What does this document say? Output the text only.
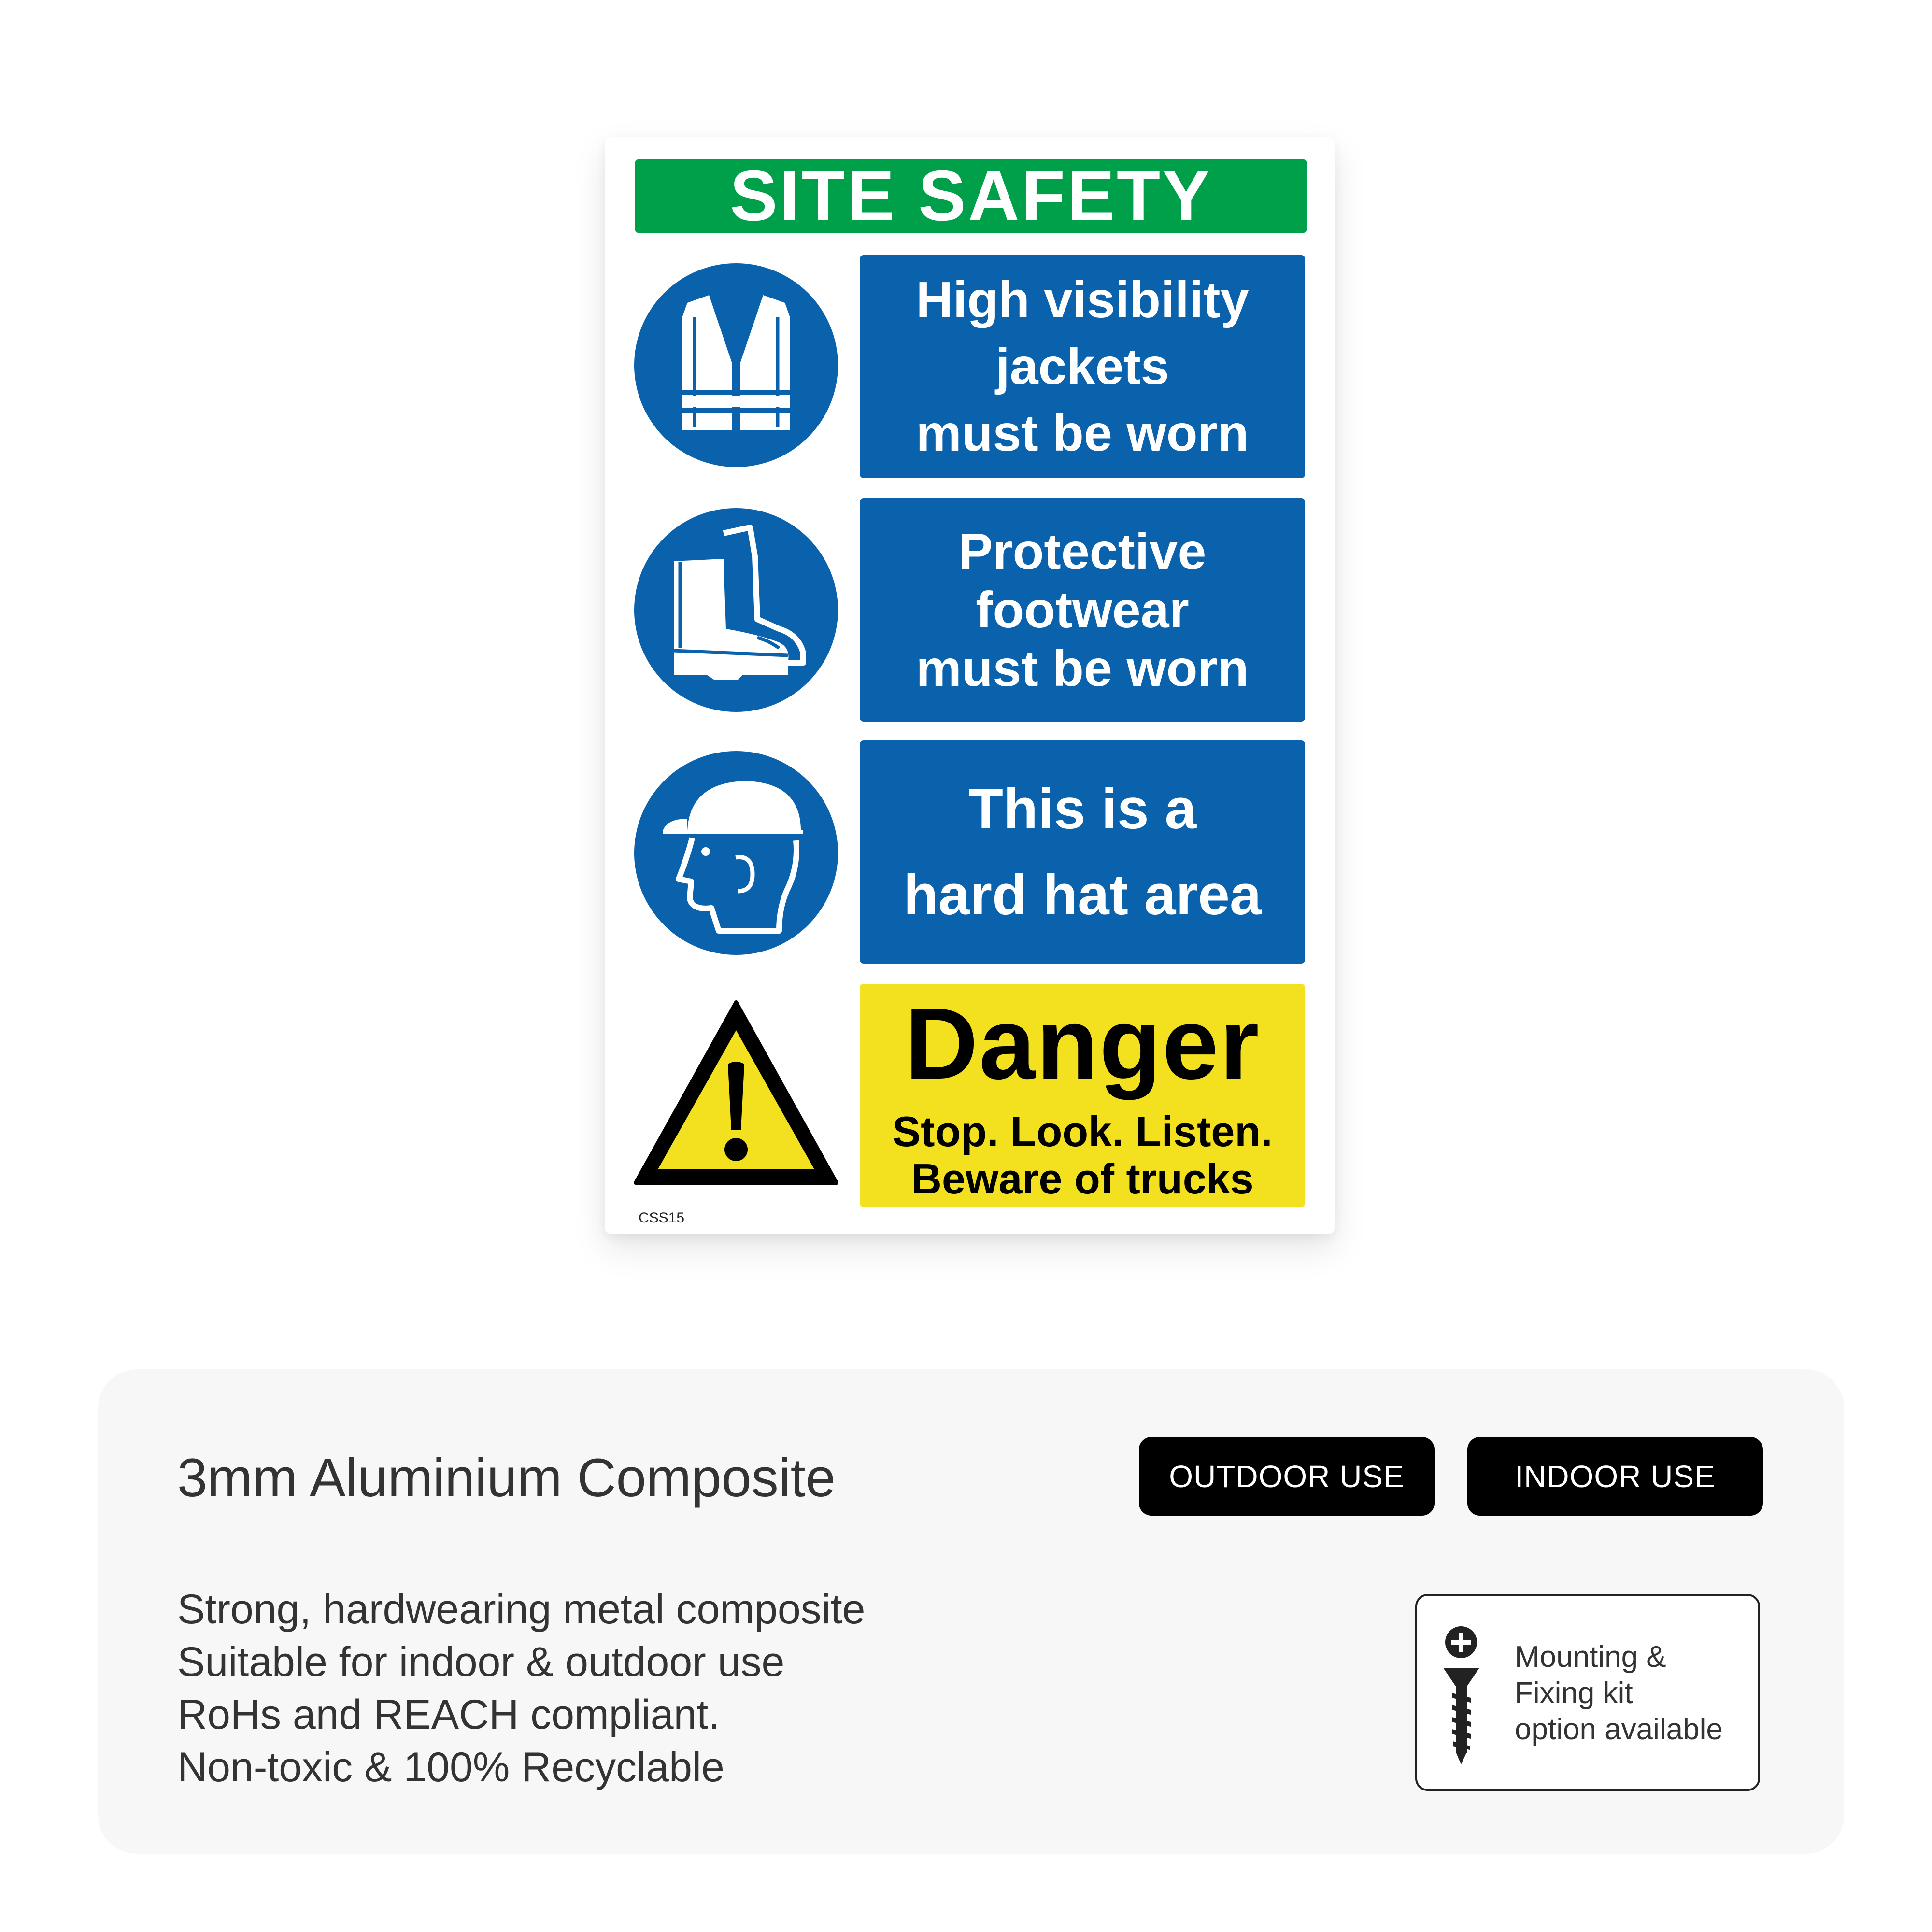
SITE SAFETY
High visibility
jackets
must be worn
Protective
footwear
must be worn
This is a
hard hat area
Danger
Stop. Look. Listen.
Beware of trucks
CSS15
3mm Aluminium Composite	OUTDOOR USE	INDOOR USE
Strong, hardwearing metal composite
Suitable for indoor & outdoor use
RoHs and REACH compliant.
Non-toxic & 100% Recyclable
Mounting &
Fixing kit
option available
